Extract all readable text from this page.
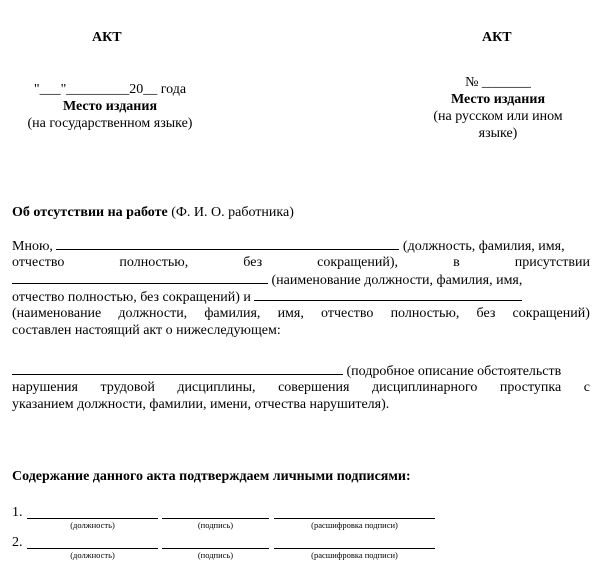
АКТ
"___"_________20__ года
Место издания
(на государственном языке)
АКТ
№ _______
Место издания
(на русском или ином
языке)
Об отсутствии на работе (Ф. И. О. работника)
Мною,	(должность, фамилия, имя,
отчество	полностью,	без	сокращений),	в	присутствии
(наименование должности, фамилия, имя,
отчество полностью, без сокращений) и
(наименование должности, фамилия, имя, отчество полностью, без сокращений)
составлен настоящий акт о нижеследующем:
(подробное описание обстоятельств
нарушения трудовой дисциплины, совершения дисциплинарного проступка с
указанием должности, фамилии, имени, отчества нарушителя).
Содержание данного акта подтверждаем личными подписями:
1.
(должность)	(подпись)	(расшифровка подписи)
2.
(должность)	(подпись)	(расшифровка подписи)
